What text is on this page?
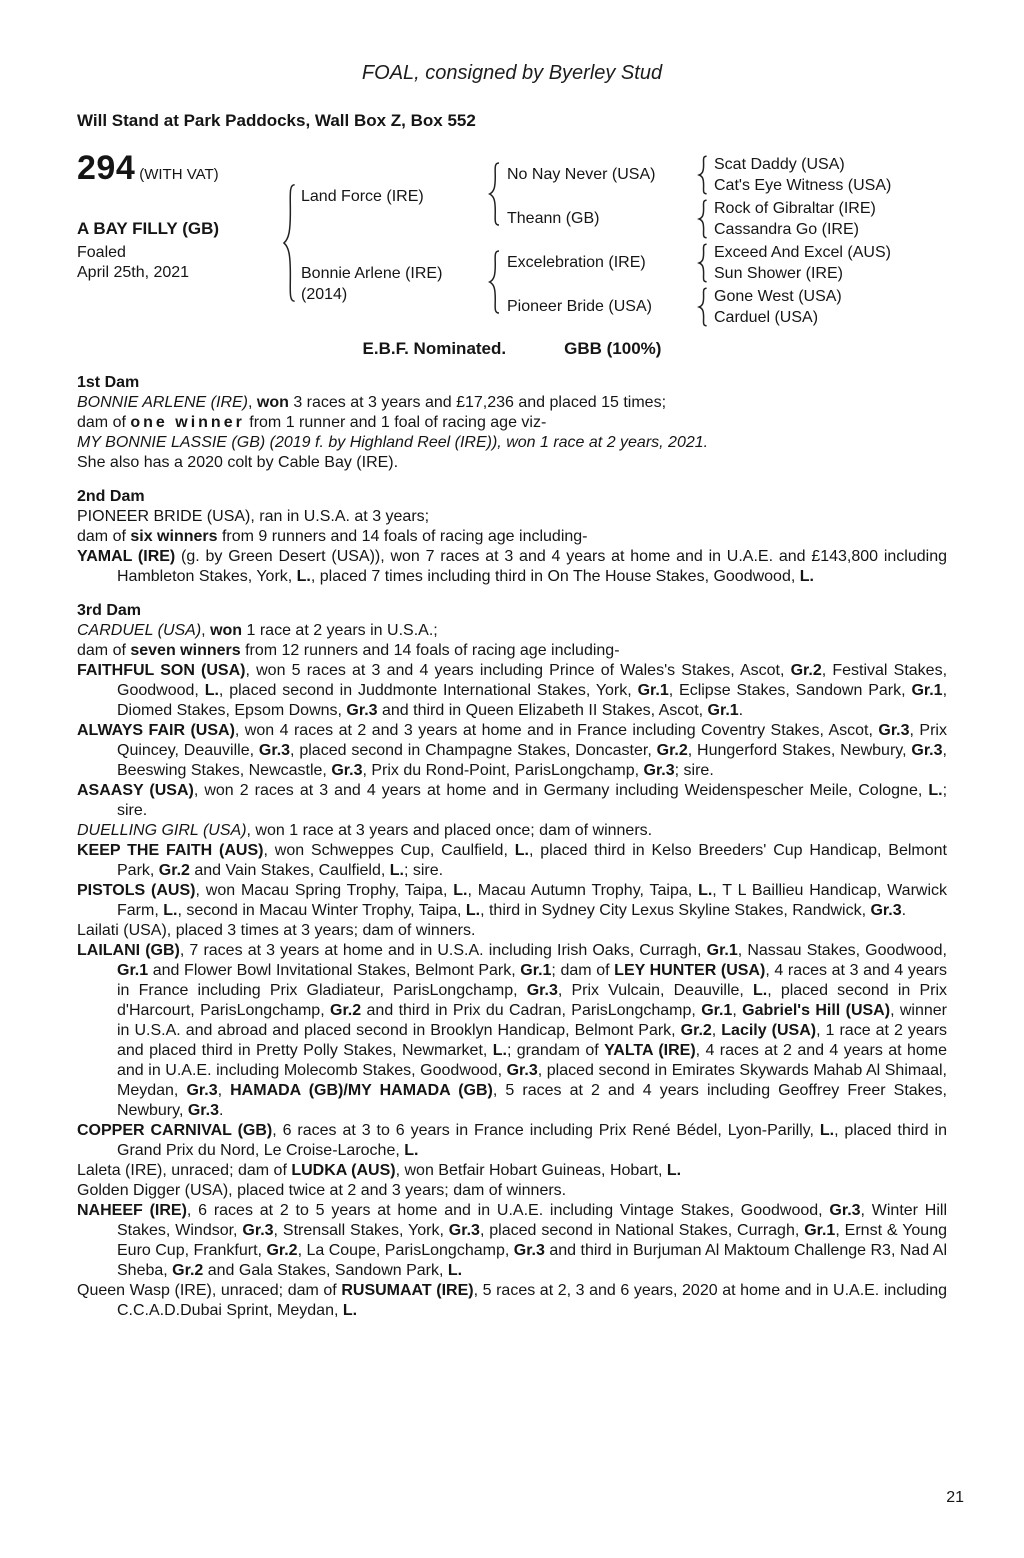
FOAL, consigned by Byerley Stud
Will Stand at Park Paddocks, Wall Box Z, Box 552
294 (WITH VAT)
A BAY FILLY (GB)
Foaled
April 25th, 2021
Land Force (IRE)
Bonnie Arlene (IRE)
(2014)
No Nay Never (USA)
Theann (GB)
Excelebration (IRE)
Pioneer Bride (USA)
Scat Daddy (USA)
Cat's Eye Witness (USA)
Rock of Gibraltar (IRE)
Cassandra Go (IRE)
Exceed And Excel (AUS)
Sun Shower (IRE)
Gone West (USA)
Carduel (USA)
E.B.F. Nominated.	GBB (100%)
1st Dam

BONNIE ARLENE (IRE), won 3 races at 3 years and £17,236 and placed 15 times;

dam of one winner from 1 runner and 1 foal of racing age viz-

MY BONNIE LASSIE (GB) (2019 f. by Highland Reel (IRE)), won 1 race at 2 years, 2021.

She also has a 2020 colt by Cable Bay (IRE).

2nd Dam

PIONEER BRIDE (USA), ran in U.S.A. at 3 years;

dam of six winners from 9 runners and 14 foals of racing age including-

YAMAL (IRE) (g. by Green Desert (USA)), won 7 races at 3 and 4 years at home and in U.A.E. and £143,800 including Hambleton Stakes, York, L., placed 7 times including third in On The House Stakes, Goodwood, L.

3rd Dam

CARDUEL (USA), won 1 race at 2 years in U.S.A.;

dam of seven winners from 12 runners and 14 foals of racing age including-

FAITHFUL SON (USA), won 5 races at 3 and 4 years including Prince of Wales's Stakes, Ascot, Gr.2, Festival Stakes, Goodwood, L., placed second in Juddmonte International Stakes, York, Gr.1, Eclipse Stakes, Sandown Park, Gr.1, Diomed Stakes, Epsom Downs, Gr.3 and third in Queen Elizabeth II Stakes, Ascot, Gr.1.

ALWAYS FAIR (USA), won 4 races at 2 and 3 years at home and in France including Coventry Stakes, Ascot, Gr.3, Prix Quincey, Deauville, Gr.3, placed second in Champagne Stakes, Doncaster, Gr.2, Hungerford Stakes, Newbury, Gr.3, Beeswing Stakes, Newcastle, Gr.3, Prix du Rond-Point, ParisLongchamp, Gr.3; sire.

ASAASY (USA), won 2 races at 3 and 4 years at home and in Germany including Weidenspescher Meile, Cologne, L.; sire.

DUELLING GIRL (USA), won 1 race at 3 years and placed once; dam of winners.

KEEP THE FAITH (AUS), won Schweppes Cup, Caulfield, L., placed third in Kelso Breeders' Cup Handicap, Belmont Park, Gr.2 and Vain Stakes, Caulfield, L.; sire.

PISTOLS (AUS), won Macau Spring Trophy, Taipa, L., Macau Autumn Trophy, Taipa, L., T L Baillieu Handicap, Warwick Farm, L., second in Macau Winter Trophy, Taipa, L., third in Sydney City Lexus Skyline Stakes, Randwick, Gr.3.

Lailati (USA), placed 3 times at 3 years; dam of winners.

LAILANI (GB), 7 races at 3 years at home and in U.S.A. including Irish Oaks, Curragh, Gr.1, Nassau Stakes, Goodwood, Gr.1 and Flower Bowl Invitational Stakes, Belmont Park, Gr.1; dam of LEY HUNTER (USA), 4 races at 3 and 4 years in France including Prix Gladiateur, ParisLongchamp, Gr.3, Prix Vulcain, Deauville, L., placed second in Prix d'Harcourt, ParisLongchamp, Gr.2 and third in Prix du Cadran, ParisLongchamp, Gr.1, Gabriel's Hill (USA), winner in U.S.A. and abroad and placed second in Brooklyn Handicap, Belmont Park, Gr.2, Lacily (USA), 1 race at 2 years and placed third in Pretty Polly Stakes, Newmarket, L.; grandam of YALTA (IRE), 4 races at 2 and 4 years at home and in U.A.E. including Molecomb Stakes, Goodwood, Gr.3, placed second in Emirates Skywards Mahab Al Shimaal, Meydan, Gr.3, HAMADA (GB)/MY HAMADA (GB), 5 races at 2 and 4 years including Geoffrey Freer Stakes, Newbury, Gr.3.

COPPER CARNIVAL (GB), 6 races at 3 to 6 years in France including Prix René Bédel, Lyon-Parilly, L., placed third in Grand Prix du Nord, Le Croise-Laroche, L.

Laleta (IRE), unraced; dam of LUDKA (AUS), won Betfair Hobart Guineas, Hobart, L.

Golden Digger (USA), placed twice at 2 and 3 years; dam of winners.

NAHEEF (IRE), 6 races at 2 to 5 years at home and in U.A.E. including Vintage Stakes, Goodwood, Gr.3, Winter Hill Stakes, Windsor, Gr.3, Strensall Stakes, York, Gr.3, placed second in National Stakes, Curragh, Gr.1, Ernst & Young Euro Cup, Frankfurt, Gr.2, La Coupe, ParisLongchamp, Gr.3 and third in Burjuman Al Maktoum Challenge R3, Nad Al Sheba, Gr.2 and Gala Stakes, Sandown Park, L.

Queen Wasp (IRE), unraced; dam of RUSUMAAT (IRE), 5 races at 2, 3 and 6 years, 2020 at home and in U.A.E. including C.C.A.D.Dubai Sprint, Meydan, L.

21
